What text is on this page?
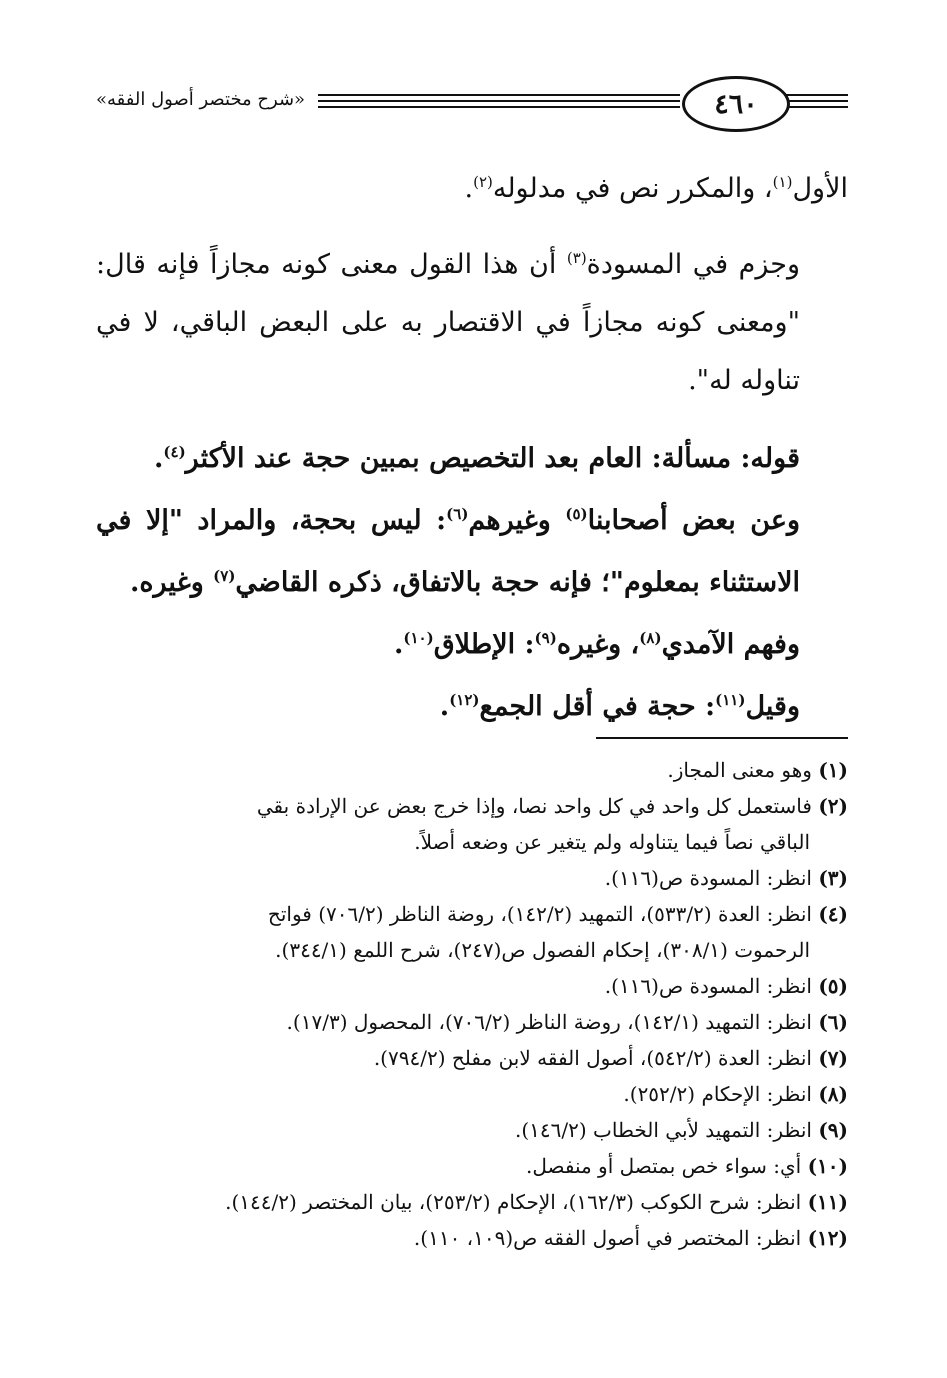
٤٦٠
«شرح مختصر أصول الفقه»

الأول$^{(١)}$، والمكرر نص في مدلوله$^{(٢)}$.

وجزم في المسودة$^{(٣)}$ أن هذا القول معنى كونه مجازاً فإنه قال: "ومعنى كونه مجازاً في الاقتصار به على البعض الباقي، لا في تناوله له".

قوله: مسألة: العام بعد التخصيص بمبين حجة عند الأكثر$^{(٤)}$.

وعن بعض أصحابنا$^{(٥)}$ وغيرهم$^{(٦)}$: ليس بحجة، والمراد "إلا في الاستثناء بمعلوم"؛ فإنه حجة بالاتفاق، ذكره القاضي$^{(٧)}$ وغيره.

وفهم الآمدي$^{(٨)}$، وغيره$^{(٩)}$: الإطلاق$^{(١٠)}$.

وقيل$^{(١١)}$: حجة في أقل الجمع$^{(١٢)}$.

(١) وهو معنى المجاز.

(٢) فاستعمل كل واحد في كل واحد نصا، وإذا خرج بعض عن الإرادة بقي
الباقي نصاً فيما يتناوله ولم يتغير عن وضعه أصلاً.

(٣) انظر: المسودة ص(١١٦).

(٤) انظر: العدة (٥٣٣/٢)، التمهيد (١٤٢/٢)، روضة الناظر (٧٠٦/٢) فواتح
الرحموت (٣٠٨/١)، إحكام الفصول ص(٢٤٧)، شرح اللمع (٣٤٤/١).

(٥) انظر: المسودة ص(١١٦).

(٦) انظر: التمهيد (١٤٢/١)، روضة الناظر (٧٠٦/٢)، المحصول (١٧/٣).

(٧) انظر: العدة (٥٤٢/٢)، أصول الفقه لابن مفلح (٧٩٤/٢).

(٨) انظر: الإحكام (٢٥٢/٢).

(٩) انظر: التمهيد لأبي الخطاب (١٤٦/٢).

(١٠) أي: سواء خص بمتصل أو منفصل.

(١١) انظر: شرح الكوكب (١٦٢/٣)، الإحكام (٢٥٣/٢)، بيان المختصر (١٤٤/٢).

(١٢) انظر: المختصر في أصول الفقه ص(١٠٩، ١١٠).
